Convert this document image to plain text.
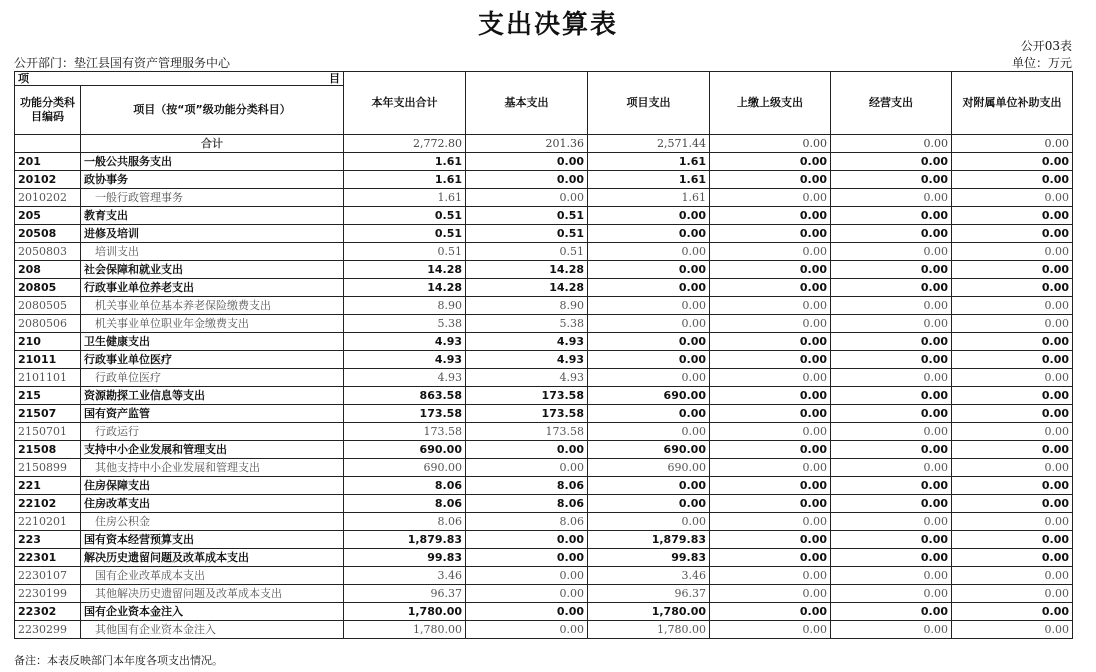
支出决算表
公开03表
公开部门：垫江县国有资产管理服务中心	单位：万元
项 目		本年支出合计	基本支出	项目支出	上缴上级支出	经营支出	对附属单位补助支出
功能分类科目编码	项目（按“项”级功能分类科目）						
	合计	2,772.80	201.36	2,571.44	0.00	0.00	0.00
201	一般公共服务支出	1.61	0.00	1.61	0.00	0.00	0.00
20102	政协事务	1.61	0.00	1.61	0.00	0.00	0.00
2010202	一般行政管理事务	1.61	0.00	1.61	0.00	0.00	0.00
205	教育支出	0.51	0.51	0.00	0.00	0.00	0.00
20508	进修及培训	0.51	0.51	0.00	0.00	0.00	0.00
2050803	培训支出	0.51	0.51	0.00	0.00	0.00	0.00
208	社会保障和就业支出	14.28	14.28	0.00	0.00	0.00	0.00
20805	行政事业单位养老支出	14.28	14.28	0.00	0.00	0.00	0.00
2080505	机关事业单位基本养老保险缴费支出	8.90	8.90	0.00	0.00	0.00	0.00
2080506	机关事业单位职业年金缴费支出	5.38	5.38	0.00	0.00	0.00	0.00
210	卫生健康支出	4.93	4.93	0.00	0.00	0.00	0.00
21011	行政事业单位医疗	4.93	4.93	0.00	0.00	0.00	0.00
2101101	行政单位医疗	4.93	4.93	0.00	0.00	0.00	0.00
215	资源勘探工业信息等支出	863.58	173.58	690.00	0.00	0.00	0.00
21507	国有资产监管	173.58	173.58	0.00	0.00	0.00	0.00
2150701	行政运行	173.58	173.58	0.00	0.00	0.00	0.00
21508	支持中小企业发展和管理支出	690.00	0.00	690.00	0.00	0.00	0.00
2150899	其他支持中小企业发展和管理支出	690.00	0.00	690.00	0.00	0.00	0.00
221	住房保障支出	8.06	8.06	0.00	0.00	0.00	0.00
22102	住房改革支出	8.06	8.06	0.00	0.00	0.00	0.00
2210201	住房公积金	8.06	8.06	0.00	0.00	0.00	0.00
223	国有资本经营预算支出	1,879.83	0.00	1,879.83	0.00	0.00	0.00
22301	解决历史遗留问题及改革成本支出	99.83	0.00	99.83	0.00	0.00	0.00
2230107	国有企业改革成本支出	3.46	0.00	3.46	0.00	0.00	0.00
2230199	其他解决历史遗留问题及改革成本支出	96.37	0.00	96.37	0.00	0.00	0.00
22302	国有企业资本金注入	1,780.00	0.00	1,780.00	0.00	0.00	0.00
2230299	其他国有企业资本金注入	1,780.00	0.00	1,780.00	0.00	0.00	0.00
备注：本表反映部门本年度各项支出情况。
